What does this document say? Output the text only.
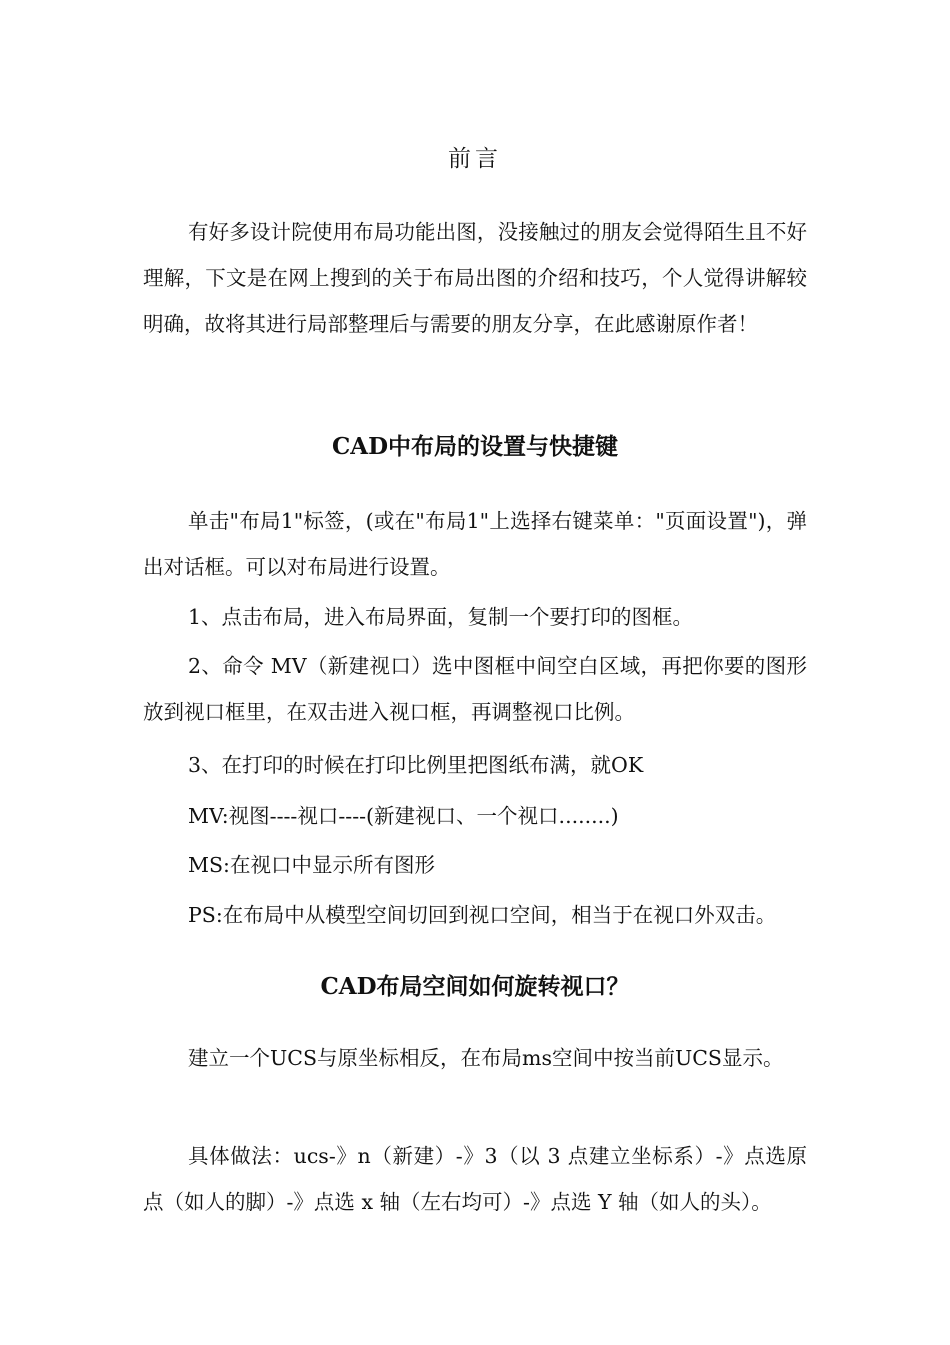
前言

有好多设计院使用布局功能出图，没接触过的朋友会觉得陌生且不好理解，下文是在网上搜到的关于布局出图的介绍和技巧，个人觉得讲解较明确，故将其进行局部整理后与需要的朋友分享，在此感谢原作者！

CAD中布局的设置与快捷键

单击"布局1"标签，(或在"布局1"上选择右键菜单："页面设置")，弹出对话框。可以对布局进行设置。

1、点击布局，进入布局界面，复制一个要打印的图框。

2、命令 MV（新建视口）选中图框中间空白区域，再把你要的图形放到视口框里，在双击进入视口框，再调整视口比例。

3、在打印的时候在打印比例里把图纸布满，就OK

MV:视图----视口----(新建视口、一个视口........)

MS:在视口中显示所有图形

PS:在布局中从模型空间切回到视口空间，相当于在视口外双击。

CAD布局空间如何旋转视口？

建立一个UCS与原坐标相反，在布局ms空间中按当前UCS显示。

具体做法：ucs-》n（新建）-》3（以 3 点建立坐标系）-》点选原点（如人的脚）-》点选 x 轴（左右均可）-》点选 Y 轴（如人的头）。
